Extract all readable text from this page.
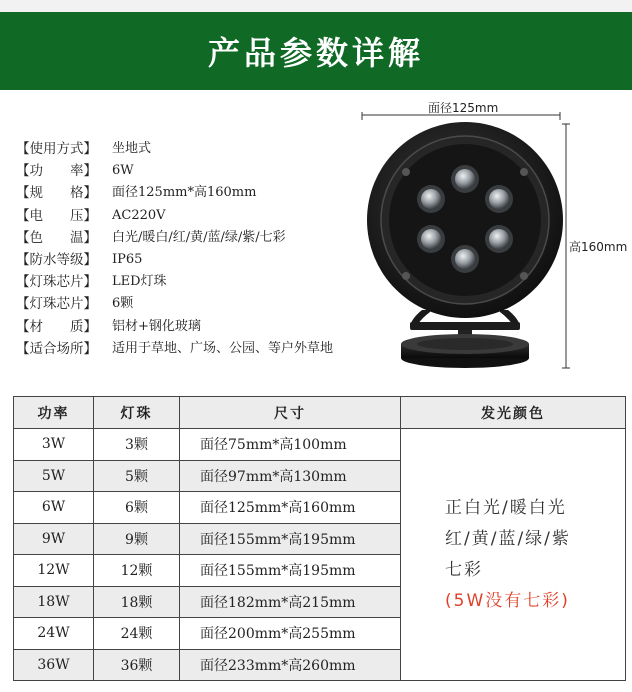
产品参数详解
【使用方式】	坐地式
【功　　率】	6W
【规　　格】	面径125mm*高160mm
【电　　压】	AC220V
【色　　温】	白光/暖白/红/黄/蓝/绿/紫/七彩
【防水等级】	IP65
【灯珠芯片】	LED灯珠
【灯珠芯片】	6颗
【材　　质】	铝材+钢化玻璃
【适合场所】	适用于草地、广场、公园、等户外草地
面径125mm
高160mm
功率	灯珠	尺寸	发光颜色
3W	3颗	面径75mm*高100mm	正白光/暖白光
红/黄/蓝/绿/紫
七彩
(5W没有七彩)

5W	5颗	面径97mm*高130mm	
6W	6颗	面径125mm*高160mm	
9W	9颗	面径155mm*高195mm	
12W	12颗	面径155mm*高195mm	
18W	18颗	面径182mm*高215mm	
24W	24颗	面径200mm*高255mm	
36W	36颗	面径233mm*高260mm	
